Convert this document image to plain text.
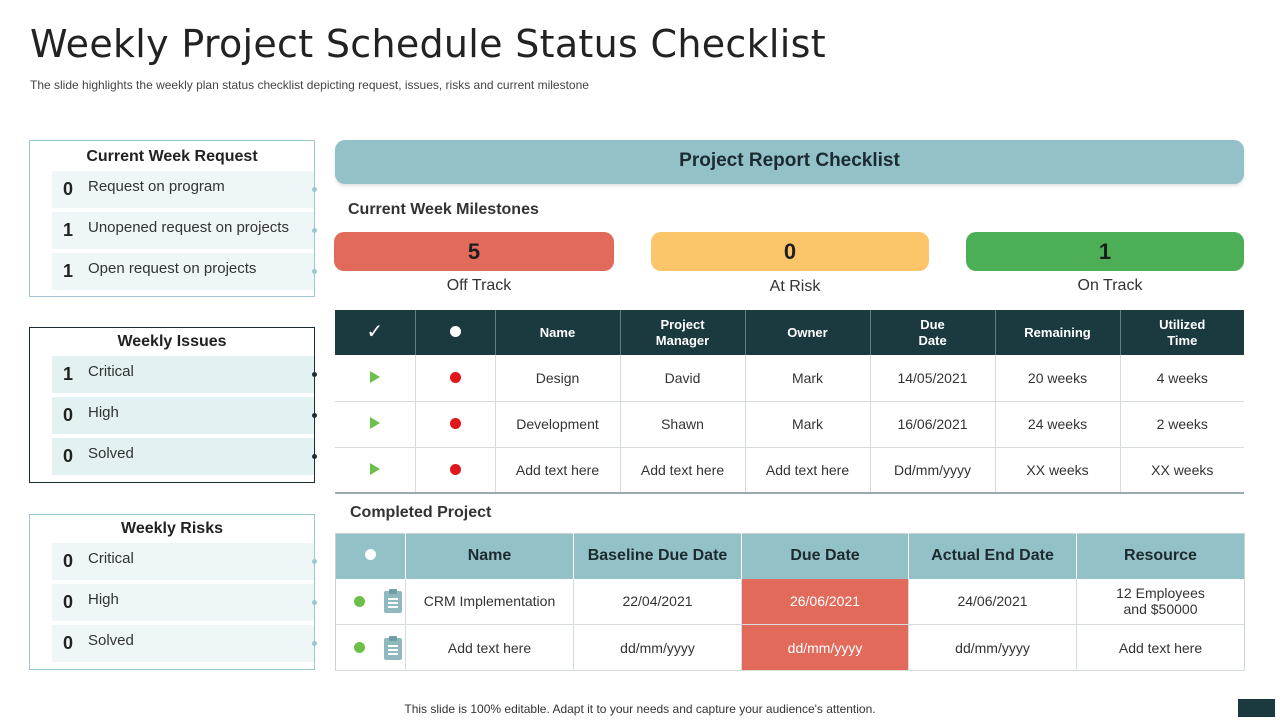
Weekly Project Schedule Status Checklist
The slide highlights the weekly plan status checklist depicting request, issues, risks and current milestone
Current Week Request
0	Request on program
1	Unopened request on projects
1	Open request on projects
Weekly Issues
1	Critical
0	High
0	Solved
Weekly Risks
0	Critical
0	High
0	Solved
Project Report Checklist
Current Week Milestones
5	0	1
Off Track	At Risk	On Track
✓		Name	Project Manager	Owner	Due Date	Remaining	Utilized Time
		Design	David	Mark	14/05/2021	20 weeks	4 weeks
		Development	Shawn	Mark	16/06/2021	24 weeks	2 weeks
		Add text here	Add text here	Add text here	Dd/mm/yyyy	XX weeks	XX weeks
Completed Project
	Name	Baseline Due Date	Due Date	Actual End Date	Resource
	CRM Implementation	22/04/2021	26/06/2021	24/06/2021	12 Employees and $50000
	Add text here	dd/mm/yyyy	dd/mm/yyyy	dd/mm/yyyy	Add text here
This slide is 100% editable. Adapt it to your needs and capture your audience's attention.
